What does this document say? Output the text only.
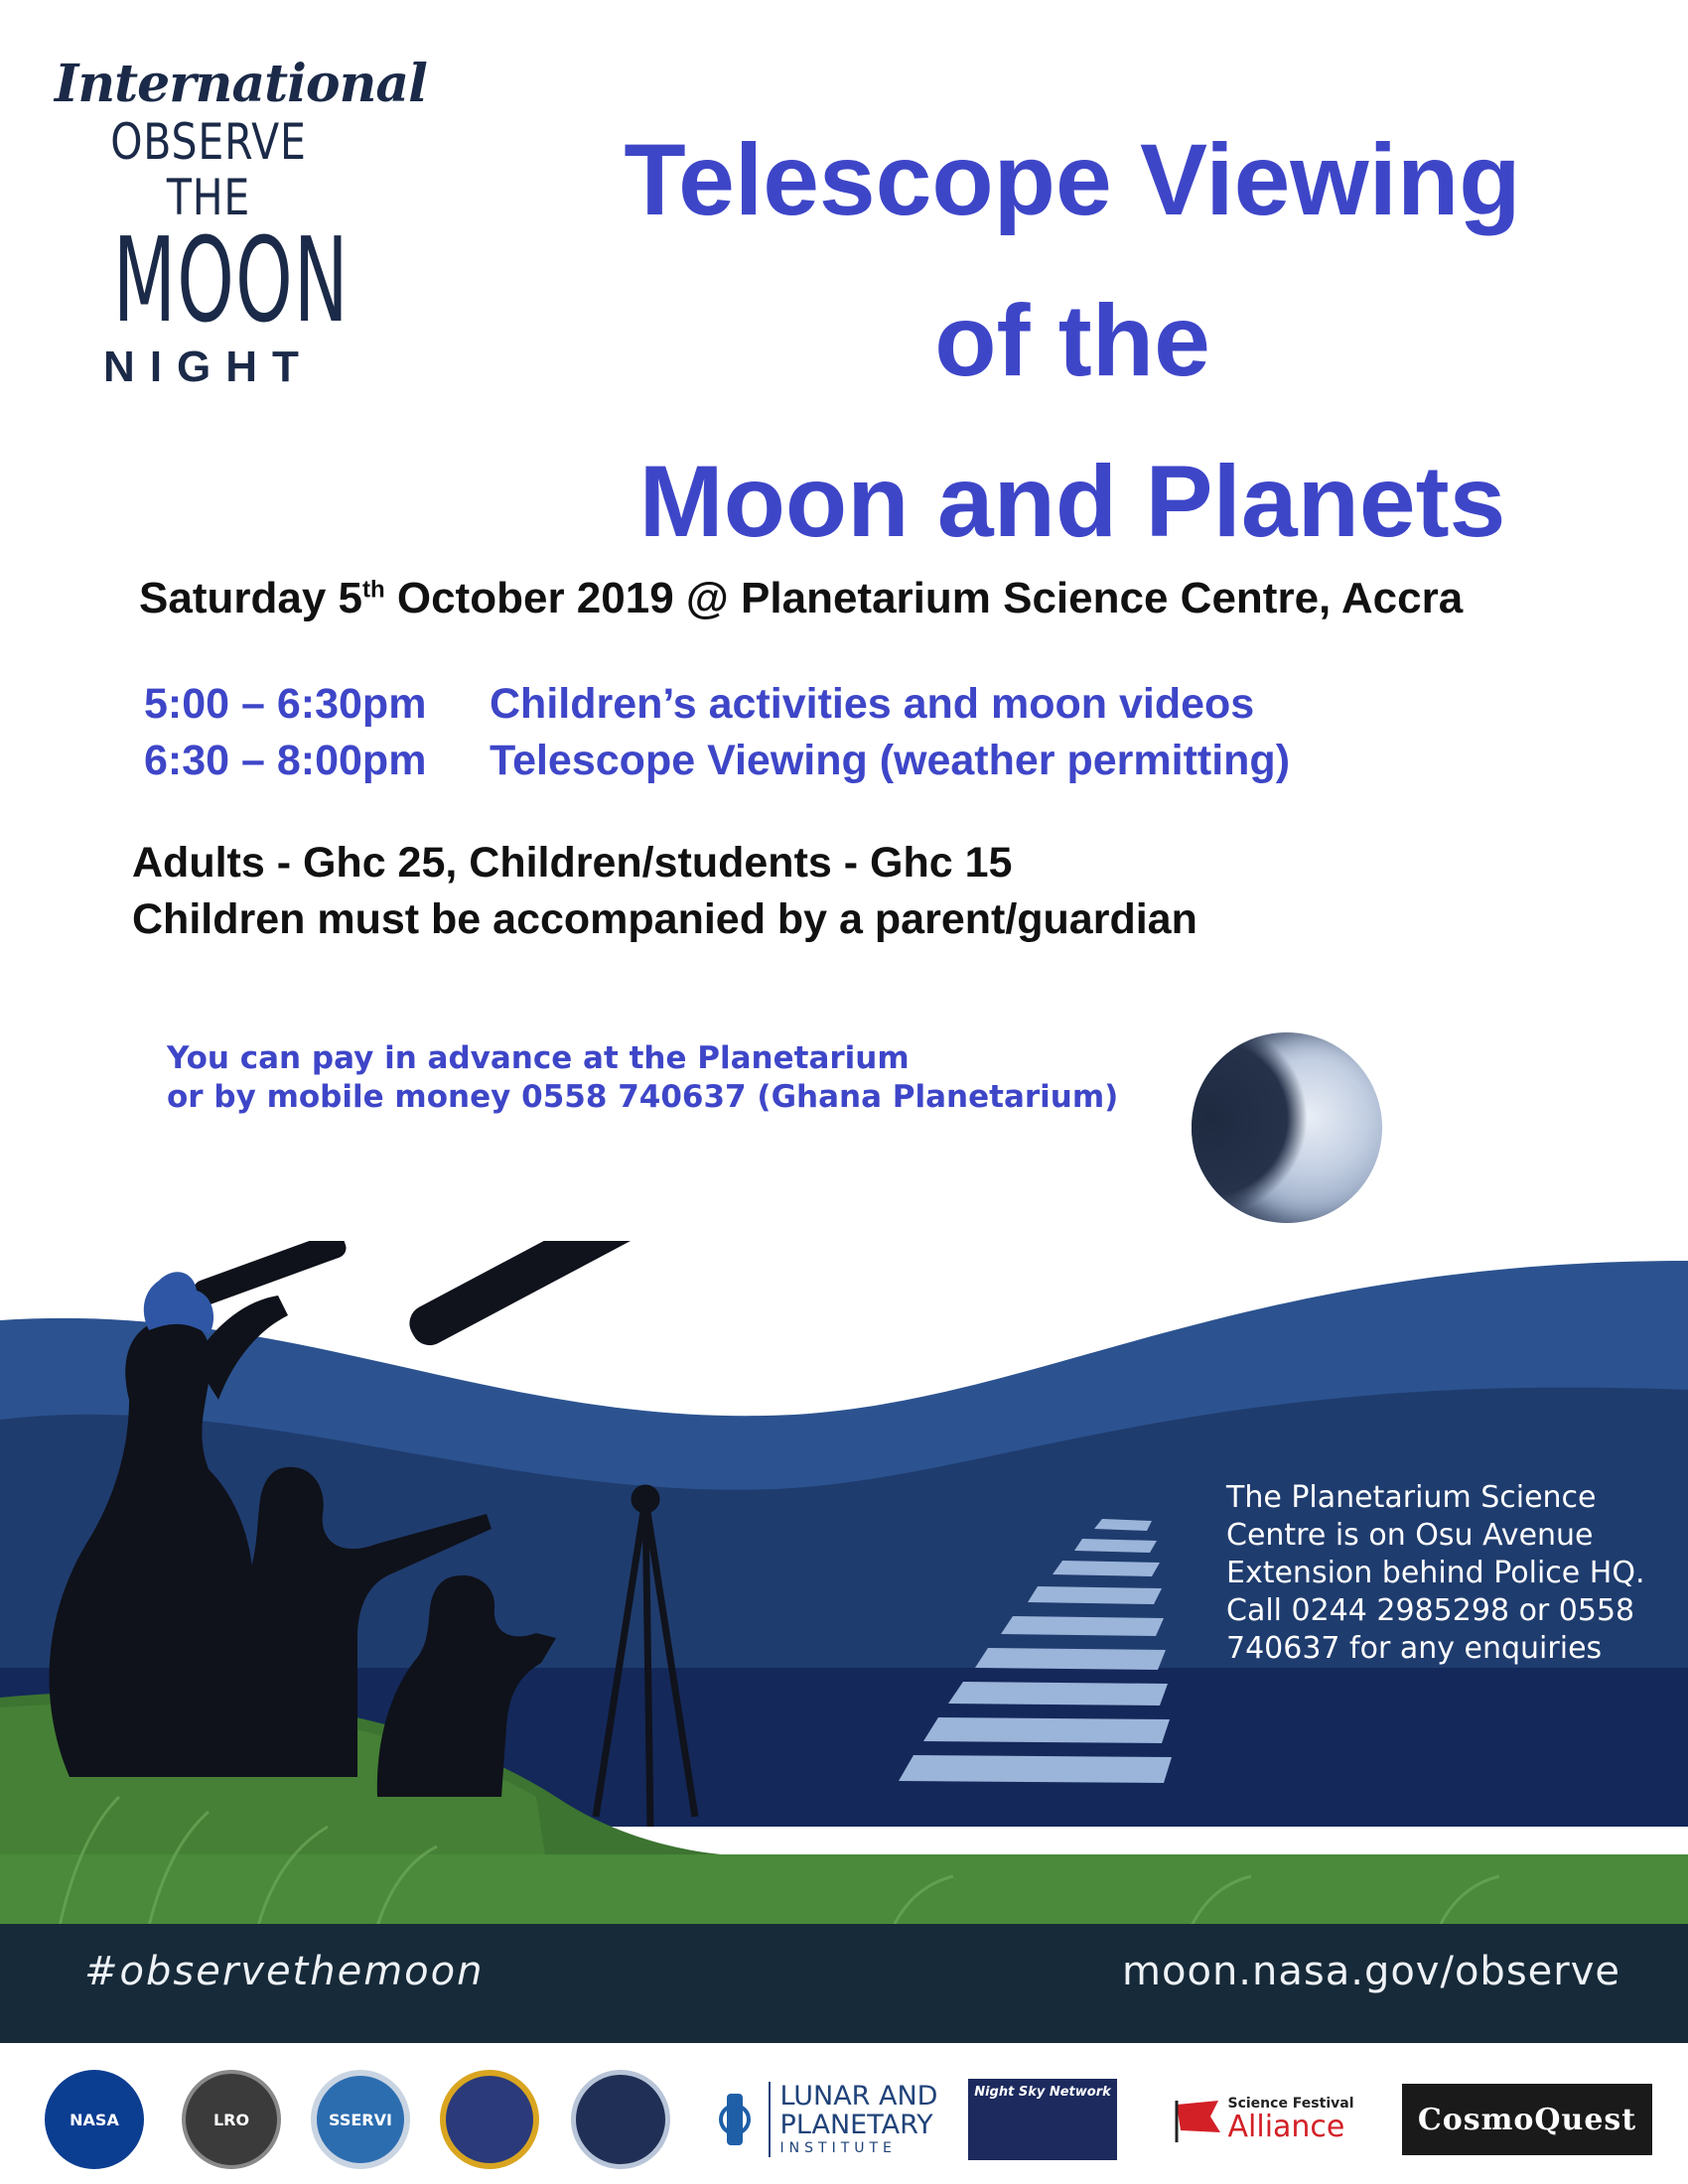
International
OBSERVE THE
MOON
NIGHT
Telescope Viewing
of the
Moon and Planets
Saturday 5th October 2019 @ Planetarium Science Centre, Accra
5:00 – 6:30pm Children’s activities and moon videos
6:30 – 8:00pm Telescope Viewing (weather permitting)
Adults - Ghc 25, Children/students - Ghc 15
Children must be accompanied by a parent/guardian
You can pay in advance at the Planetarium
or by mobile money 0558 740637 (Ghana Planetarium)
The Planetarium Science Centre is on Osu Avenue Extension behind Police HQ. Call 0244 2985298 or 0558 740637 for any enquiries
#observethemoon	moon.nasa.gov/observe
NASA	LRO	SSERVI
LUNAR AND
PLANETARY
INSTITUTE
Night Sky Network
Science Festival
Alliance	CosmoQuest
